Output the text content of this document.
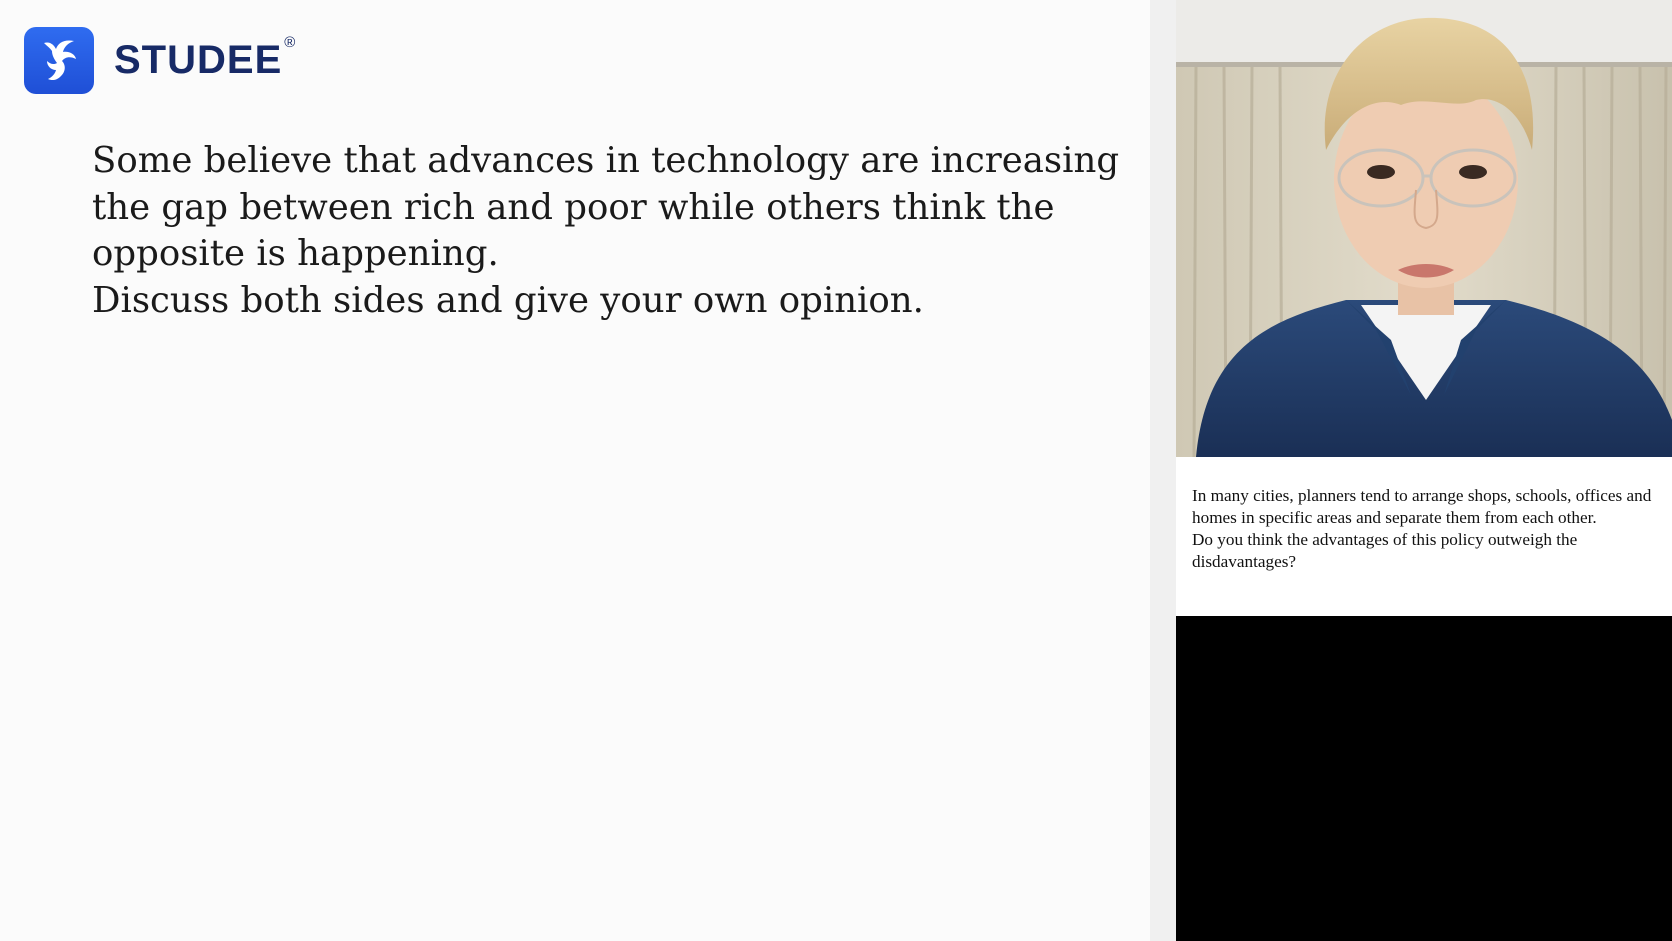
STUDEE ®

Some believe that advances in technology are increasing the gap between rich and poor while others think the opposite is happening.

Discuss both sides and give your own opinion.

In many cities, planners tend to arrange shops, schools, offices and homes in specific areas and separate them from each other.

Do you think the advantages of this policy outweigh the disdavantages?
